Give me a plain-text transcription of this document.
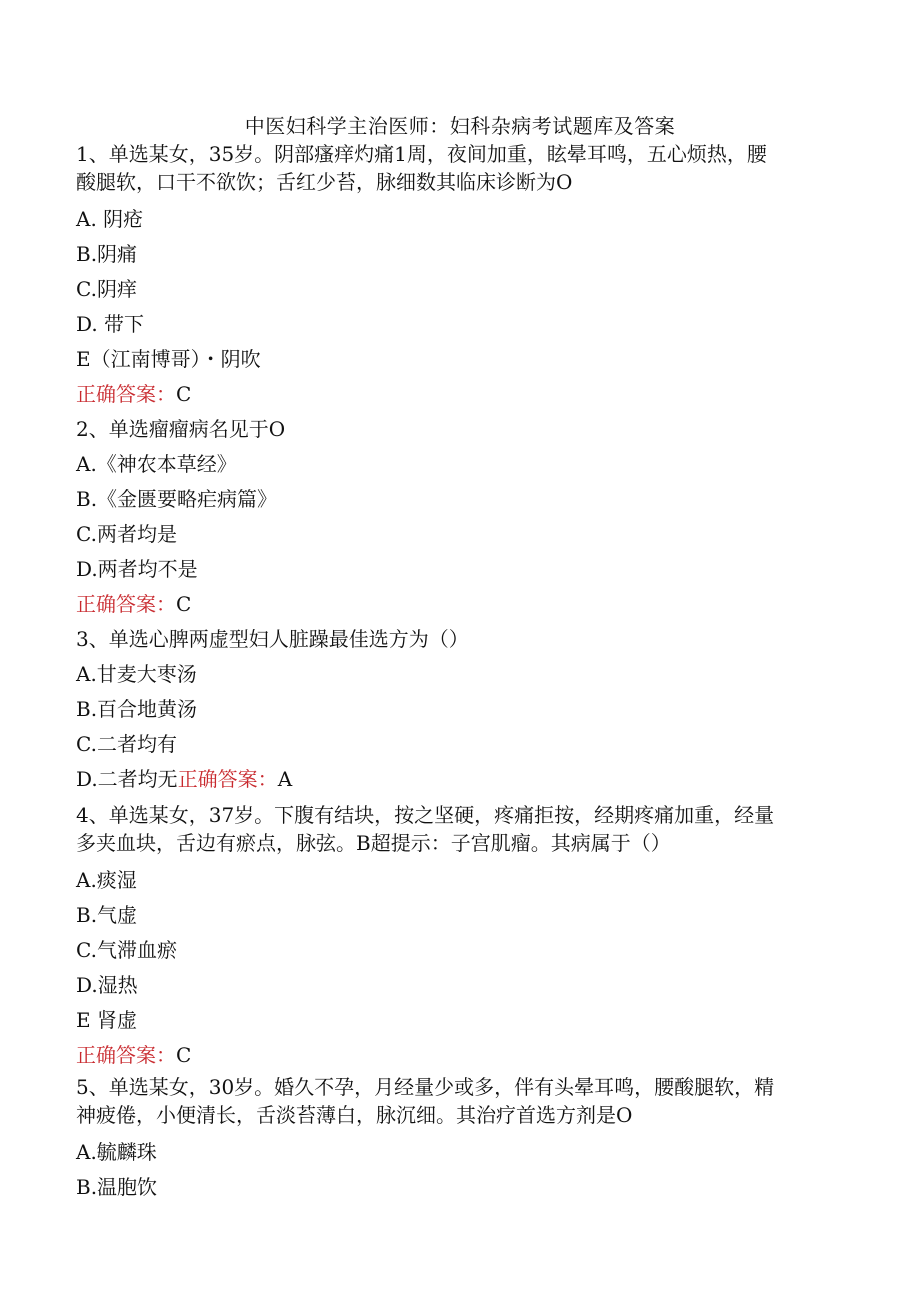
中医妇科学主治医师：妇科杂病考试题库及答案
1、单选某女，35岁。阴部瘙痒灼痛1周，夜间加重，眩晕耳鸣，五心烦热，腰
酸腿软，口干不欲饮；舌红少苔，脉细数其临床诊断为O
A. 阴疮
B.阴痛
C.阴痒
D. 带下
E（江南博哥）・阴吹
正确答案：C
2、单选瘤瘤病名见于O
A.《神农本草经》
B.《金匮要略疟病篇》
C.两者均是
D.两者均不是
正确答案：C
3、单选心脾两虚型妇人脏躁最佳选方为（）
A.甘麦大枣汤
B.百合地黄汤
C.二者均有
D.二者均无正确答案：A
4、单选某女，37岁。下腹有结块，按之坚硬，疼痛拒按，经期疼痛加重，经量
多夹血块，舌边有瘀点，脉弦。B超提示：子宫肌瘤。其病属于（）
A.痰湿
B.气虚
C.气滞血瘀
D.湿热
E 肾虚
正确答案：C
5、单选某女，30岁。婚久不孕，月经量少或多，伴有头晕耳鸣，腰酸腿软，精
神疲倦，小便清长，舌淡苔薄白，脉沉细。其治疗首选方剂是O
A.毓麟珠
B.温胞饮
